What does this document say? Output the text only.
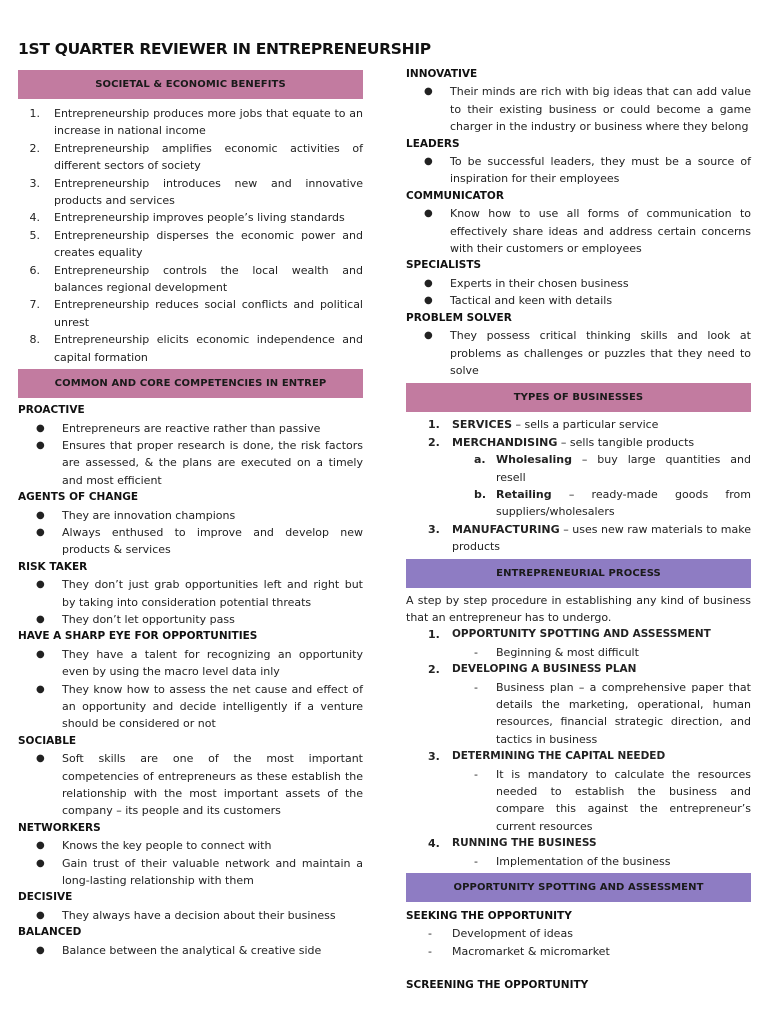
1ST QUARTER REVIEWER IN ENTREPRENEURSHIP
SOCIETAL & ECONOMIC BENEFITS
1. Entrepreneurship produces more jobs that equate to an increase in national income
2. Entrepreneurship amplifies economic activities of different sectors of society
3. Entrepreneurship introduces new and innovative products and services
4. Entrepreneurship improves people’s living standards
5. Entrepreneurship disperses the economic power and creates equality
6. Entrepreneurship controls the local wealth and balances regional development
7. Entrepreneurship reduces social conflicts and political unrest
8. Entrepreneurship elicits economic independence and capital formation
COMMON AND CORE COMPETENCIES IN ENTREP
PROACTIVE
●	Entrepreneurs are reactive rather than passive
●	Ensures that proper research is done, the risk factors are assessed, & the plans are executed on a timely and most efficient
AGENTS OF CHANGE
●	They are innovation champions
●	Always enthused to improve and develop new products & services
RISK TAKER
●	They don’t just grab opportunities left and right but by taking into consideration potential threats
●	They don’t let opportunity pass
HAVE A SHARP EYE FOR OPPORTUNITIES
●	They have a talent for recognizing an opportunity even by using the macro level data inly
●	They know how to assess the net cause and effect of an opportunity and decide intelligently if a venture should be considered or not
SOCIABLE
●	Soft skills are one of the most important competencies of entrepreneurs as these establish the relationship with the most important assets of the company – its people and its customers
NETWORKERS
●	Knows the key people to connect with
●	Gain trust of their valuable network and maintain a long-lasting relationship with them
DECISIVE
●	They always have a decision about their business
BALANCED
●	Balance between the analytical & creative side
INNOVATIVE
●	Their minds are rich with big ideas that can add value to their existing business or could become a game charger in the industry or business where they belong
LEADERS
●	To be successful leaders, they must be a source of inspiration for their employees
COMMUNICATOR
●	Know how to use all forms of communication to effectively share ideas and address certain concerns with their customers or employees
SPECIALISTS
●	Experts in their chosen business
●	Tactical and keen with details
PROBLEM SOLVER
●	They possess critical thinking skills and look at problems as challenges or puzzles that they need to solve
TYPES OF BUSINESSES
1.	SERVICES – sells a particular service
2.	MERCHANDISING – sells tangible products
a. Wholesaling – buy large quantities and resell
b. Retailing – ready-made goods from suppliers/wholesalers
3.	MANUFACTURING – uses new raw materials to make products
ENTREPRENEURIAL PROCESS
A step by step procedure in establishing any kind of business that an entrepreneur has to undergo.
1.	OPPORTUNITY SPOTTING AND ASSESSMENT
-	Beginning & most difficult
2.	DEVELOPING A BUSINESS PLAN
-	Business plan – a comprehensive paper that details the marketing, operational, human resources, financial strategic direction, and tactics in business
3.	DETERMINING THE CAPITAL NEEDED
-	It is mandatory to calculate the resources needed to establish the business and compare this against the entrepreneur’s current resources
4.	RUNNING THE BUSINESS
-	Implementation of the business
OPPORTUNITY SPOTTING AND ASSESSMENT
SEEKING THE OPPORTUNITY
-	Development of ideas
-	Macromarket & micromarket
SCREENING THE OPPORTUNITY
